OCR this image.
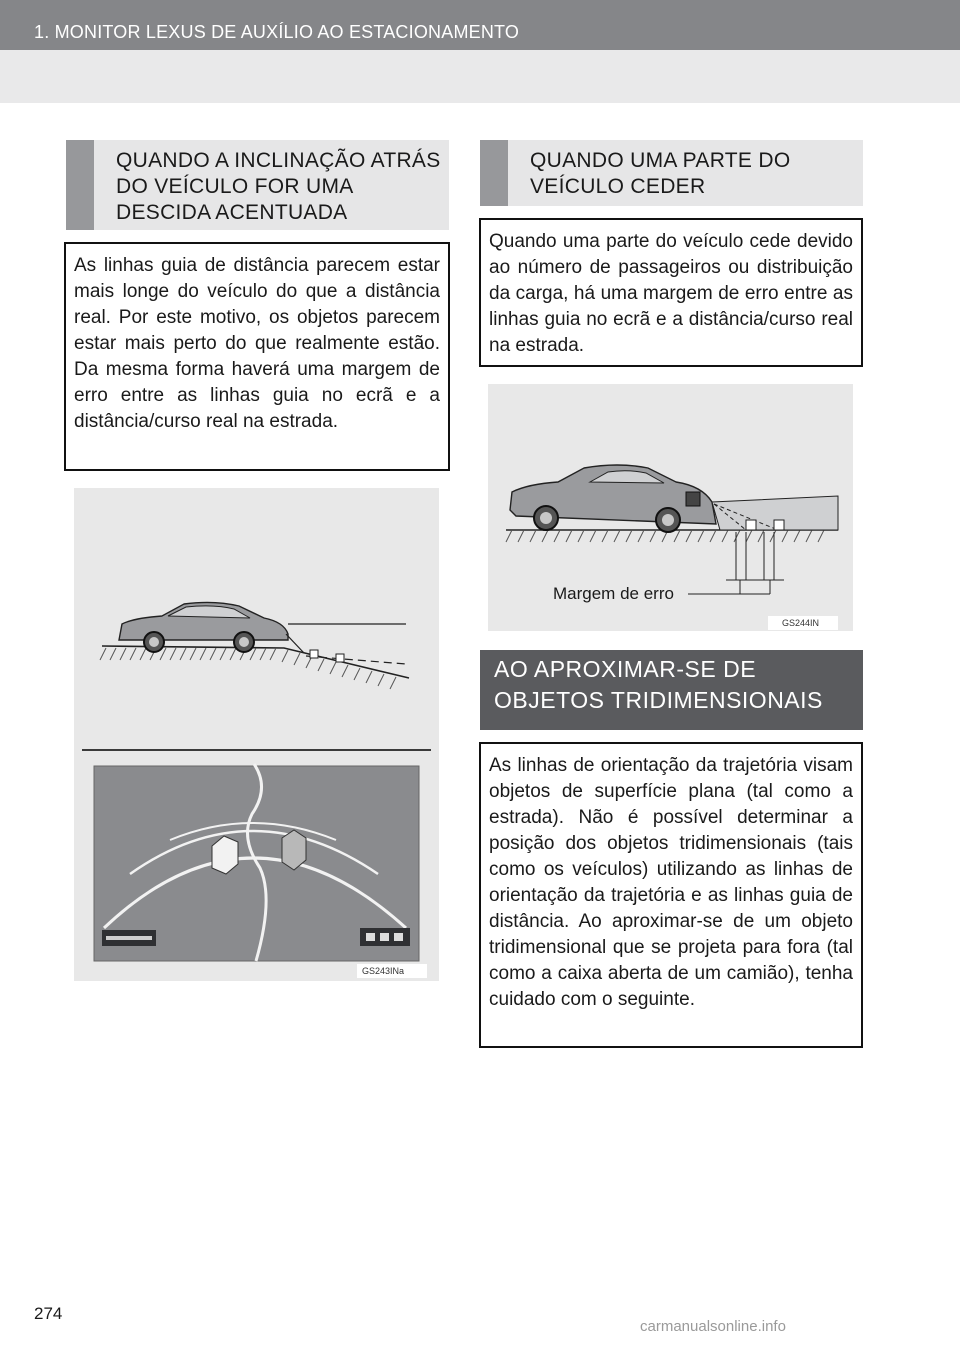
1. MONITOR LEXUS DE AUXÍLIO AO ESTACIONAMENTO
QUANDO A INCLINAÇÃO ATRÁS DO VEÍCULO FOR UMA DESCIDA ACENTUADA
As linhas guia de distância parecem estar mais longe do veículo do que a distância real. Por este motivo, os objetos parecem estar mais perto do que realmente estão. Da mesma forma haverá uma margem de erro entre as linhas guia no ecrã e a distância/curso real na estrada.
GS243INa
QUANDO UMA PARTE DO VEÍCULO CEDER
Quando uma parte do veículo cede devido ao número de passageiros ou distribuição da carga, há uma margem de erro entre as linhas guia no ecrã e a distância/curso real na estrada.
Margem de erro
GS244IN
AO APROXIMAR-SE DE OBJETOS TRIDIMENSIONAIS
As linhas de orientação da trajetória visam objetos de superfície plana (tal como a estrada). Não é possível determinar a posição dos objetos tridimensionais (tais como os veículos) utilizando as linhas de orientação da trajetória e as linhas guia de distância. Ao aproximar-se de um objeto tridimensional que se projeta para fora (tal como a caixa aberta de um camião), tenha cuidado com o seguinte.
274
carmanualsonline.info
